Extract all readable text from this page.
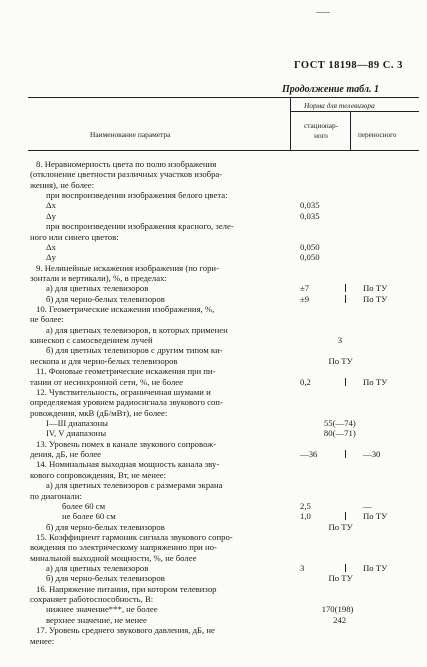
ГОСТ 18198—89 С. 3
Продолжение табл. 1
Наименование параметра
Норма для телевизора
стационар-
ного	переносного
8. Неравномерность цвета по полю изображения
(отклонение цветности различных участков изобра-
жения), не более:
при воспроизведении изображения белого цвета:
Δx	0,035
Δy	0,035
при воспроизведении изображения красного, зеле-
ного или синего цветов:
Δx	0,050
Δy	0,050
9. Нелинейные искажения изображения (по гори-
зонтали и вертикали), %, в пределах:
а) для цветных телевизоров	±7	По ТУ
б) для черно-белых телевизоров	±9	По ТУ
10. Геометрические искажения изображения, %,
не более:
а) для цветных телевизоров, в которых применен
кинескоп с самосведением лучей	3
б) для цветных телевизоров с другим типом ки-
нескопа и для черно-белых телевизоров	По ТУ
11. Фоновые геометрические искажения при пи-
тании от несинхронной сети, %, не более	0,2	По ТУ
12. Чувствительность, ограниченная шумами и
определяемая уровнем радиосигнала звукового соп-
ровождения, мкВ (дБ/мВт), не более:
I—III диапазоны	55(—74)
IV, V диапазоны	80(—71)
13. Уровень помех в канале звукового сопровож-
дения, дБ, не более	—36	—30
14. Номинальная выходная мощность канала зву-
кового сопровождения, Вт, не менее:
а) для цветных телевизоров с размерами экрана
по диагонали:
более 60 см	2,5	—
не более 60 см	1,0	По ТУ
б) для черно-белых телевизоров	По ТУ
15. Коэффициент гармоник сигнала звукового сопро-
вождения по электрическому напряжению при но-
минальной выходной мощности, %, не более
а) для цветных телевизоров	3	По ТУ
б) для черно-белых телевизоров	По ТУ
16. Напряжение питания, при котором телевизор
сохраняет работоспособность, В:
нижнее значение***, не более	170(198)
верхнее значение, не менее	242
17. Уровень среднего звукового давления, дБ, не
менее:
